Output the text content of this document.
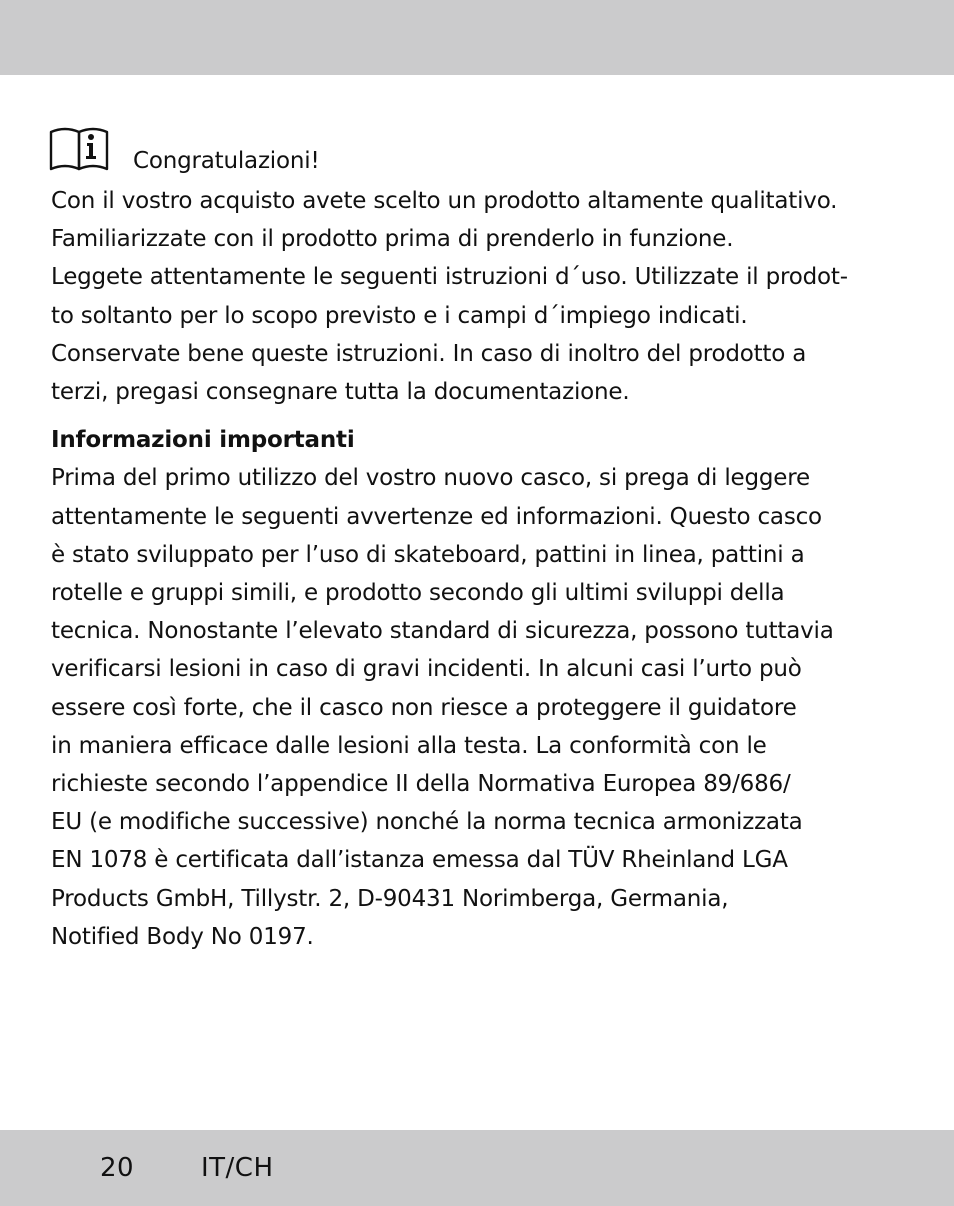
Congratulazioni!
Con il vostro acquisto avete scelto un prodotto altamente qualitativo.
Familiarizzate con il prodotto prima di prenderlo in funzione.
Leggete attentamente le seguenti istruzioni d´uso. Utilizzate il prodot-
to soltanto per lo scopo previsto e i campi d´impiego indicati.
Conservate bene queste istruzioni. In caso di inoltro del prodotto a
terzi, pregasi consegnare tutta la documentazione.
Informazioni importanti
Prima del primo utilizzo del vostro nuovo casco, si prega di leggere
attentamente le seguenti avvertenze ed informazioni. Questo casco
è stato sviluppato per l’uso di skateboard, pattini in linea, pattini a
rotelle e gruppi simili, e prodotto secondo gli ultimi sviluppi della
tecnica. Nonostante l’elevato standard di sicurezza, possono tuttavia
verificarsi lesioni in caso di gravi incidenti. In alcuni casi l’urto può
essere così forte, che il casco non riesce a proteggere il guidatore
in maniera efficace dalle lesioni alla testa. La conformità con le
richieste secondo l’appendice II della Normativa Europea 89/686/
EU (e modifiche successive) nonché la norma tecnica armonizzata
EN 1078 è certificata dall’istanza emessa dal TÜV Rheinland LGA
Products GmbH, Tillystr. 2, D-90431 Norimberga, Germania,
Notified Body No 0197.
20	IT/CH
